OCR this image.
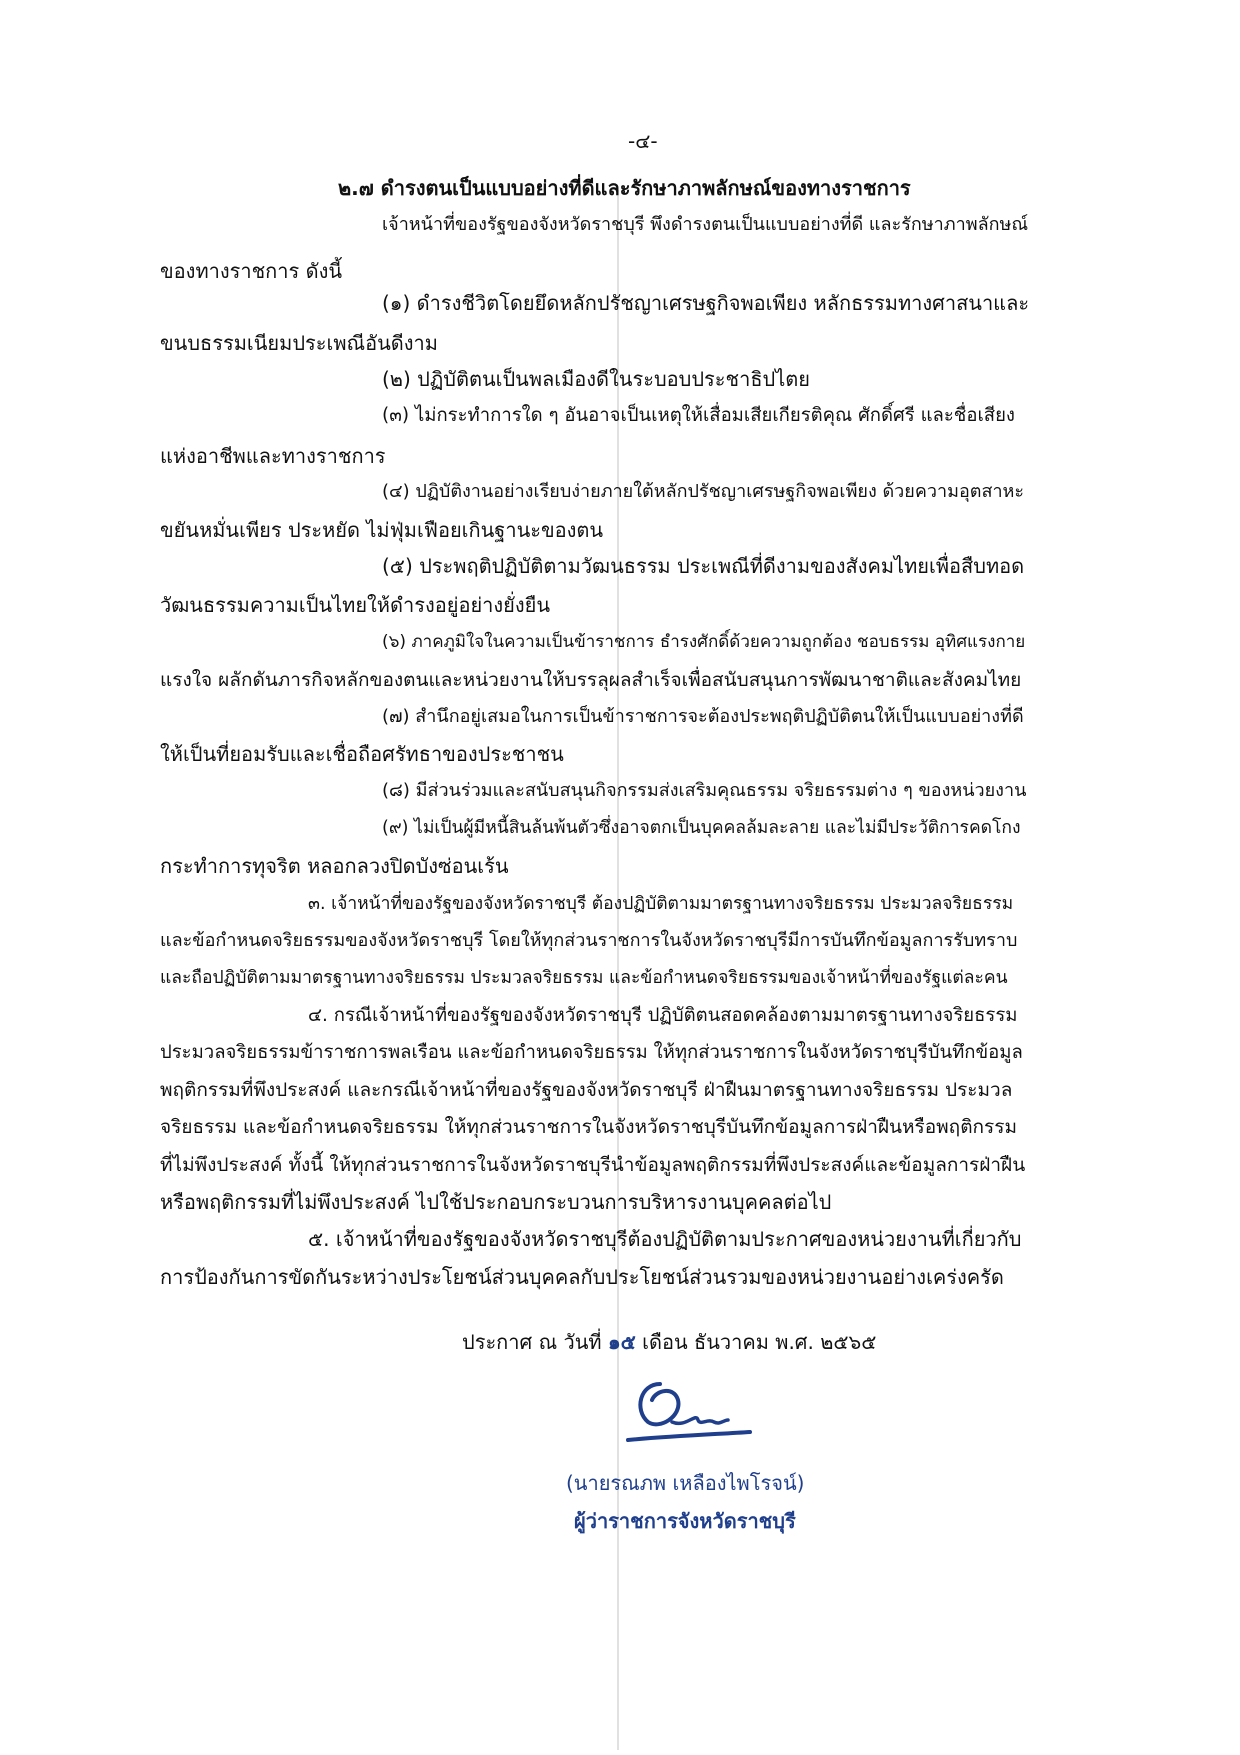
-๔-
๒.๗ ดำรงตนเป็นแบบอย่างที่ดีและรักษาภาพลักษณ์ของทางราชการ
เจ้าหน้าที่ของรัฐของจังหวัดราชบุรี พึงดำรงตนเป็นแบบอย่างที่ดี และรักษาภาพลักษณ์
ของทางราชการ ดังนี้
(๑) ดำรงชีวิตโดยยึดหลักปรัชญาเศรษฐกิจพอเพียง หลักธรรมทางศาสนาและ
ขนบธรรมเนียมประเพณีอันดีงาม
(๒) ปฏิบัติตนเป็นพลเมืองดีในระบอบประชาธิปไตย
(๓) ไม่กระทำการใด ๆ อันอาจเป็นเหตุให้เสื่อมเสียเกียรติคุณ ศักดิ์ศรี และชื่อเสียง
แห่งอาชีพและทางราชการ
(๔) ปฏิบัติงานอย่างเรียบง่ายภายใต้หลักปรัชญาเศรษฐกิจพอเพียง ด้วยความอุตสาหะ
ขยันหมั่นเพียร ประหยัด ไม่ฟุ่มเฟือยเกินฐานะของตน
(๕) ประพฤติปฏิบัติตามวัฒนธรรม ประเพณีที่ดีงามของสังคมไทยเพื่อสืบทอด
วัฒนธรรมความเป็นไทยให้ดำรงอยู่อย่างยั่งยืน
(๖) ภาคภูมิใจในความเป็นข้าราชการ ธำรงศักดิ์ด้วยความถูกต้อง ชอบธรรม อุทิศแรงกาย
แรงใจ ผลักดันภารกิจหลักของตนและหน่วยงานให้บรรลุผลสำเร็จเพื่อสนับสนุนการพัฒนาชาติและสังคมไทย
(๗) สำนึกอยู่เสมอในการเป็นข้าราชการจะต้องประพฤติปฏิบัติตนให้เป็นแบบอย่างที่ดี
ให้เป็นที่ยอมรับและเชื่อถือศรัทธาของประชาชน
(๘) มีส่วนร่วมและสนับสนุนกิจกรรมส่งเสริมคุณธรรม จริยธรรมต่าง ๆ ของหน่วยงาน
(๙) ไม่เป็นผู้มีหนี้สินล้นพ้นตัวซึ่งอาจตกเป็นบุคคลล้มละลาย และไม่มีประวัติการคดโกง
กระทำการทุจริต หลอกลวงปิดบังซ่อนเร้น
๓. เจ้าหน้าที่ของรัฐของจังหวัดราชบุรี ต้องปฏิบัติตามมาตรฐานทางจริยธรรม ประมวลจริยธรรม
และข้อกำหนดจริยธรรมของจังหวัดราชบุรี โดยให้ทุกส่วนราชการในจังหวัดราชบุรีมีการบันทึกข้อมูลการรับทราบ
และถือปฏิบัติตามมาตรฐานทางจริยธรรม ประมวลจริยธรรม และข้อกำหนดจริยธรรมของเจ้าหน้าที่ของรัฐแต่ละคน
๔. กรณีเจ้าหน้าที่ของรัฐของจังหวัดราชบุรี ปฏิบัติตนสอดคล้องตามมาตรฐานทางจริยธรรม
ประมวลจริยธรรมข้าราชการพลเรือน และข้อกำหนดจริยธรรม ให้ทุกส่วนราชการในจังหวัดราชบุรีบันทึกข้อมูล
พฤติกรรมที่พึงประสงค์ และกรณีเจ้าหน้าที่ของรัฐของจังหวัดราชบุรี ฝ่าฝืนมาตรฐานทางจริยธรรม ประมวล
จริยธรรม และข้อกำหนดจริยธรรม ให้ทุกส่วนราชการในจังหวัดราชบุรีบันทึกข้อมูลการฝ่าฝืนหรือพฤติกรรม
ที่ไม่พึงประสงค์ ทั้งนี้ ให้ทุกส่วนราชการในจังหวัดราชบุรีนำข้อมูลพฤติกรรมที่พึงประสงค์และข้อมูลการฝ่าฝืน
หรือพฤติกรรมที่ไม่พึงประสงค์ ไปใช้ประกอบกระบวนการบริหารงานบุคคลต่อไป
๕. เจ้าหน้าที่ของรัฐของจังหวัดราชบุรีต้องปฏิบัติตามประกาศของหน่วยงานที่เกี่ยวกับ
การป้องกันการขัดกันระหว่างประโยชน์ส่วนบุคคลกับประโยชน์ส่วนรวมของหน่วยงานอย่างเคร่งครัด
ประกาศ ณ วันที่ ๑๕ เดือน ธันวาคม พ.ศ. ๒๕๖๕
(นายรณภพ เหลืองไพโรจน์)
ผู้ว่าราชการจังหวัดราชบุรี
